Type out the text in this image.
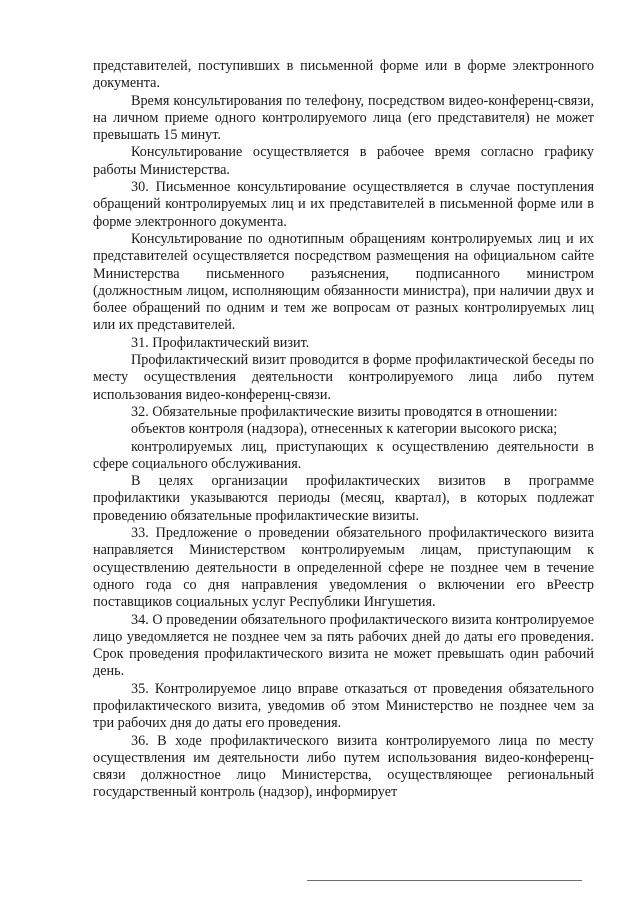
представителей, поступивших в письменной форме или в форме электронного документа.

Время консультирования по телефону, посредством видео-конференц-связи, на личном приеме одного контролируемого лица (его представителя) не может превышать 15 минут.

Консультирование осуществляется в рабочее время согласно графику работы Министерства.

30. Письменное консультирование осуществляется в случае поступления обращений контролируемых лиц и их представителей в письменной форме или в форме электронного документа.

Консультирование по однотипным обращениям контролируемых лиц и их представителей осуществляется посредством размещения на официальном сайте Министерства письменного разъяснения, подписанного министром (должностным лицом, исполняющим обязанности министра), при наличии двух и более обращений по одним и тем же вопросам от разных контролируемых лиц или их представителей.

31. Профилактический визит.

Профилактический визит проводится в форме профилактической беседы по месту осуществления деятельности контролируемого лица либо путем использования видео-конференц-связи.

32. Обязательные профилактические визиты проводятся в отношении:

объектов контроля (надзора), отнесенных к категории высокого риска;

контролируемых лиц, приступающих к осуществлению деятельности в сфере социального обслуживания.

В целях организации профилактических визитов в программе профилактики указываются периоды (месяц, квартал), в которых подлежат проведению обязательные профилактические визиты.

33. Предложение о проведении обязательного профилактического визита направляется Министерством контролируемым лицам, приступающим к осуществлению деятельности в определенной сфере не позднее чем в течение одного года со дня направления уведомления о включении его вРеестр поставщиков социальных услуг Республики Ингушетия.

34. О проведении обязательного профилактического визита контролируемое лицо уведомляется не позднее чем за пять рабочих дней до даты его проведения. Срок проведения профилактического визита не может превышать один рабочий день.

35. Контролируемое лицо вправе отказаться от проведения обязательного профилактического визита, уведомив об этом Министерство не позднее чем за три рабочих дня до даты его проведения.

36. В ходе профилактического визита контролируемого лица по месту осуществления им деятельности либо путем использования видео-конференц-связи должностное лицо Министерства, осуществляющее региональный государственный контроль (надзор), информирует
